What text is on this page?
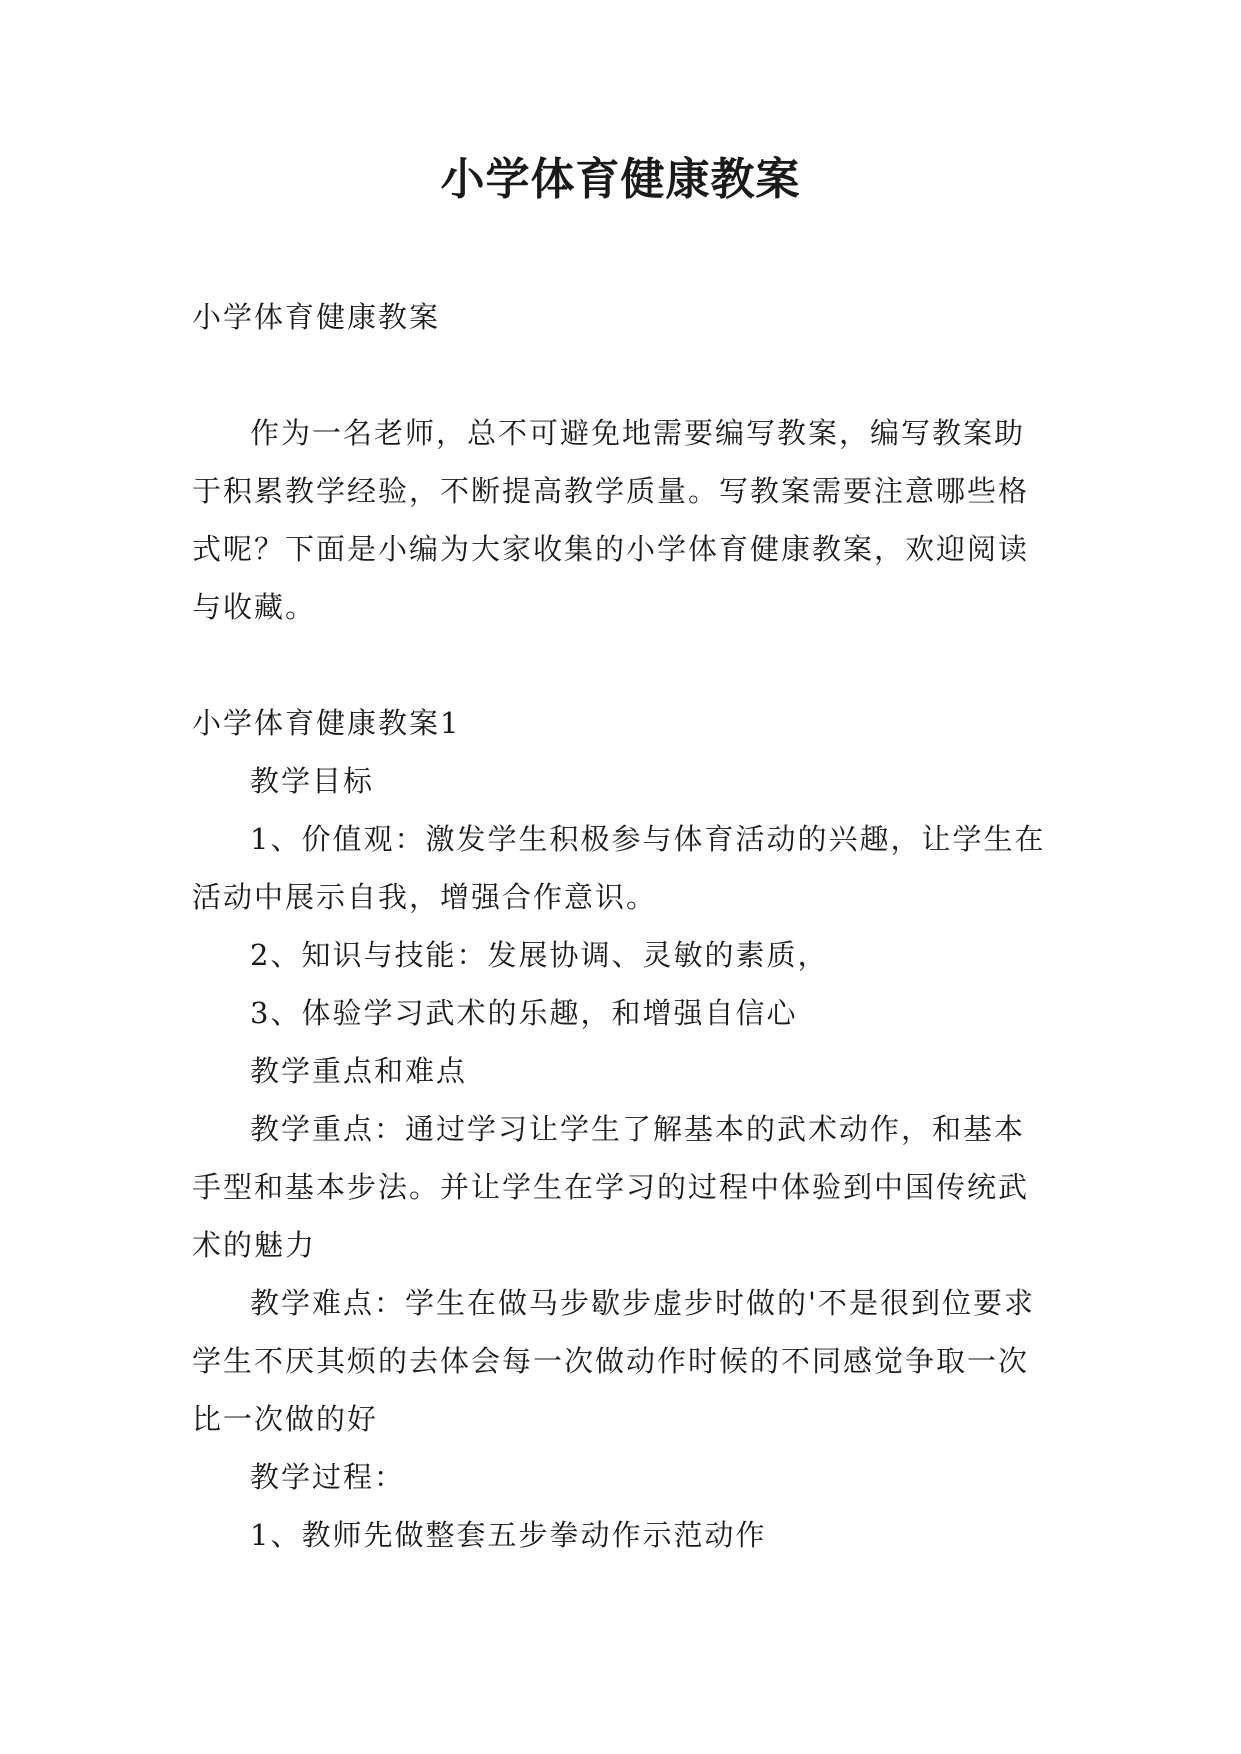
小学体育健康教案

小学体育健康教案

作为一名老师，总不可避免地需要编写教案，编写教案助于积累教学经验，不断提高教学质量。写教案需要注意哪些格式呢？下面是小编为大家收集的小学体育健康教案，欢迎阅读与收藏。

小学体育健康教案1

教学目标

1、价值观：激发学生积极参与体育活动的兴趣，让学生在活动中展示自我，增强合作意识。

2、知识与技能：发展协调、灵敏的素质，

3、体验学习武术的乐趣，和增强自信心

教学重点和难点

教学重点：通过学习让学生了解基本的武术动作，和基本手型和基本步法。并让学生在学习的过程中体验到中国传统武术的魅力

教学难点：学生在做马步歇步虚步时做的'不是很到位要求学生不厌其烦的去体会每一次做动作时候的不同感觉争取一次比一次做的好

教学过程：

1、教师先做整套五步拳动作示范动作
